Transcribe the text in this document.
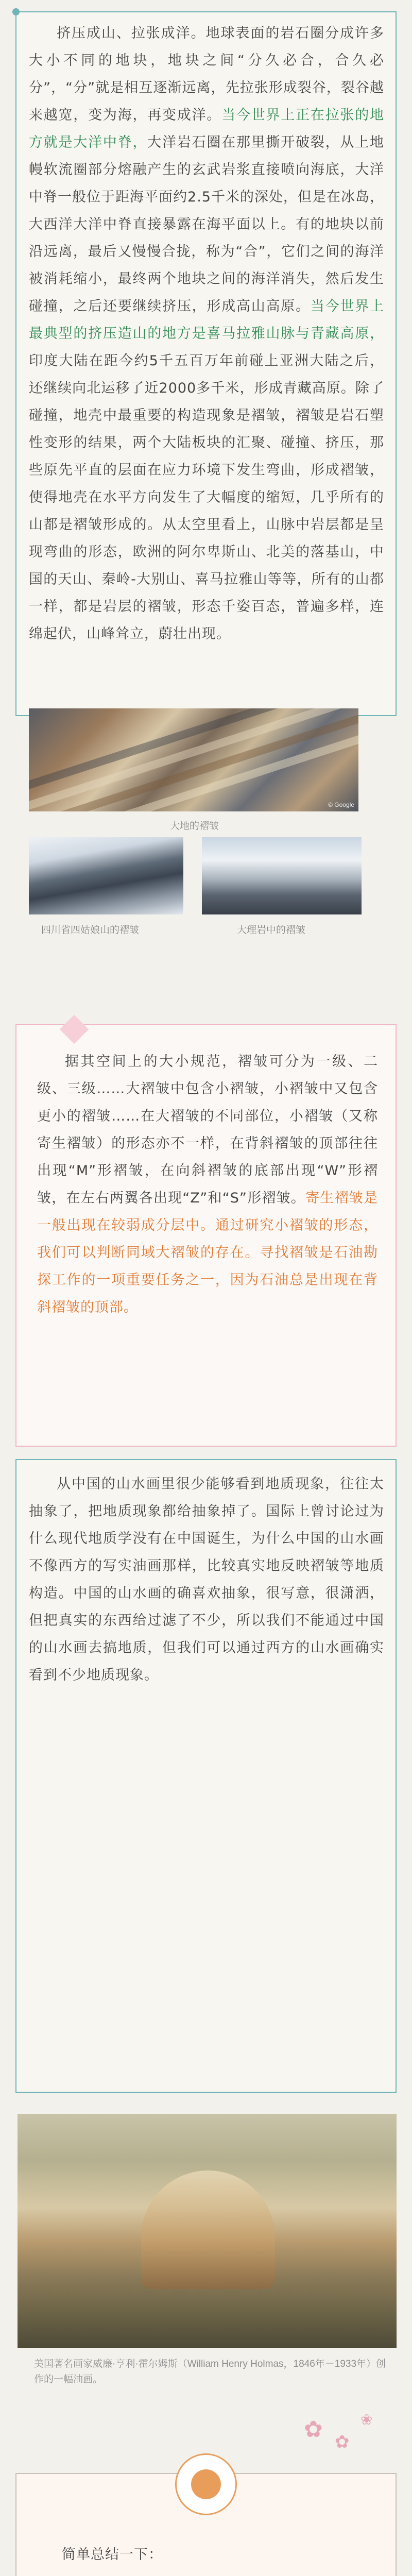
挤压成山、拉张成洋。地球表面的岩石圈分成许多大小不同的地块，地块之间“分久必合，合久必分”，“分”就是相互逐渐远离，先拉张形成裂谷，裂谷越来越宽，变为海，再变成洋。当今世界上正在拉张的地方就是大洋中脊，大洋岩石圈在那里撕开破裂，从上地幔软流圈部分熔融产生的玄武岩浆直接喷向海底，大洋中脊一般位于距海平面约2.5千米的深处，但是在冰岛，大西洋大洋中脊直接暴露在海平面以上。有的地块以前沿远离，最后又慢慢合拢，称为“合”，它们之间的海洋被消耗缩小，最终两个地块之间的海洋消失，然后发生碰撞，之后还要继续挤压，形成高山高原。当今世界上最典型的挤压造山的地方是喜马拉雅山脉与青藏高原，印度大陆在距今约5千五百万年前碰上亚洲大陆之后，还继续向北运移了近2000多千米，形成青藏高原。除了碰撞，地壳中最重要的构造现象是褶皱，褶皱是岩石塑性变形的结果，两个大陆板块的汇聚、碰撞、挤压，那些原先平直的层面在应力环境下发生弯曲，形成褶皱，使得地壳在水平方向发生了大幅度的缩短，几乎所有的山都是褶皱形成的。从太空里看上，山脉中岩层都是呈现弯曲的形态，欧洲的阿尔卑斯山、北美的落基山，中国的天山、秦岭-大别山、喜马拉雅山等等，所有的山都一样，都是岩层的褶皱，形态千姿百态，普遍多样，连绵起伏，山峰耸立，蔚壮出现。

© Google
大地的褶皱
四川省四姑娘山的褶皱	大理岩中的褶皱

据其空间上的大小规范，褶皱可分为一级、二级、三级……大褶皱中包含小褶皱，小褶皱中又包含更小的褶皱……在大褶皱的不同部位，小褶皱（又称寄生褶皱）的形态亦不一样，在背斜褶皱的顶部往往出现“M”形褶皱，在向斜褶皱的底部出现“W”形褶皱，在左右两翼各出现“Z”和“S”形褶皱。寄生褶皱是一般出现在较弱成分层中。通过研究小褶皱的形态，我们可以判断同域大褶皱的存在。寻找褶皱是石油勘探工作的一项重要任务之一，因为石油总是出现在背斜褶皱的顶部。

从中国的山水画里很少能够看到地质现象，往往太抽象了，把地质现象都给抽象掉了。国际上曾讨论过为什么现代地质学没有在中国诞生，为什么中国的山水画不像西方的写实油画那样，比较真实地反映褶皱等地质构造。中国的山水画的确喜欢抽象，很写意，很潇洒，但把真实的东西给过滤了不少，所以我们不能通过中国的山水画去搞地质，但我们可以通过西方的山水画确实看到不少地质现象。

美国著名画家威廉·亨利·霍尔姆斯（William Henry Holmas，1846年－1933年）创作的一幅油画。
✿ ✿
❀

简单总结一下：
